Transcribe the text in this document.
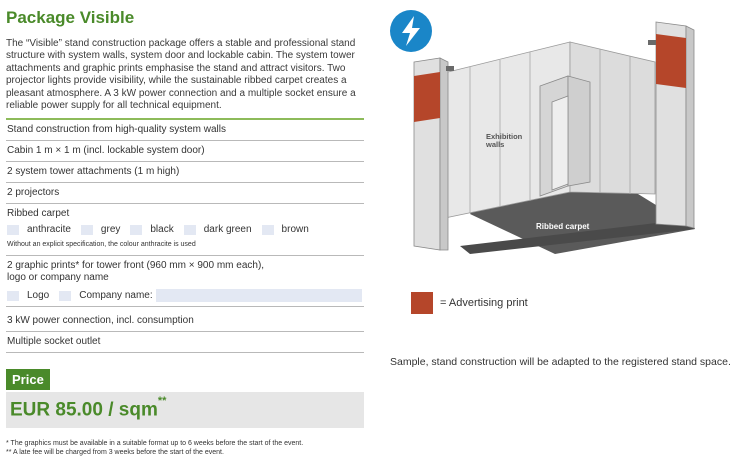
Package Visible

The “Visible” stand construction package offers a stable and professional stand structure with system walls, system door and lockable cabin. The system tower attachments and graphic prints emphasise the stand and attract visitors. Two projector lights provide visibility, while the sustainable ribbed carpet creates a pleasant atmosphere. A 3 kW power connection and a multiple socket ensure a reliable power supply for all technical equipment.

Stand construction from high-quality system walls
Cabin 1 m × 1 m (incl. lockable system door)
2 system tower attachments (1 m high)
2 projectors
Ribbed carpet
anthracite	grey	black	dark green	brown
Without an explicit specification, the colour anthracite is used
2 graphic prints* for tower front (960 mm × 900 mm each),
logo or company name
Logo	Company name:
3 kW power connection, incl. consumption
Multiple socket outlet
Price
EUR 85.00 / sqm**
* The graphics must be available in a suitable format up to 6 weeks before the start of the event.
** A late fee will be charged from 3 weeks before the start of the event.
Exhibition
walls
Ribbed carpet
= Advertising print
Sample, stand construction will be adapted to the registered stand space.
